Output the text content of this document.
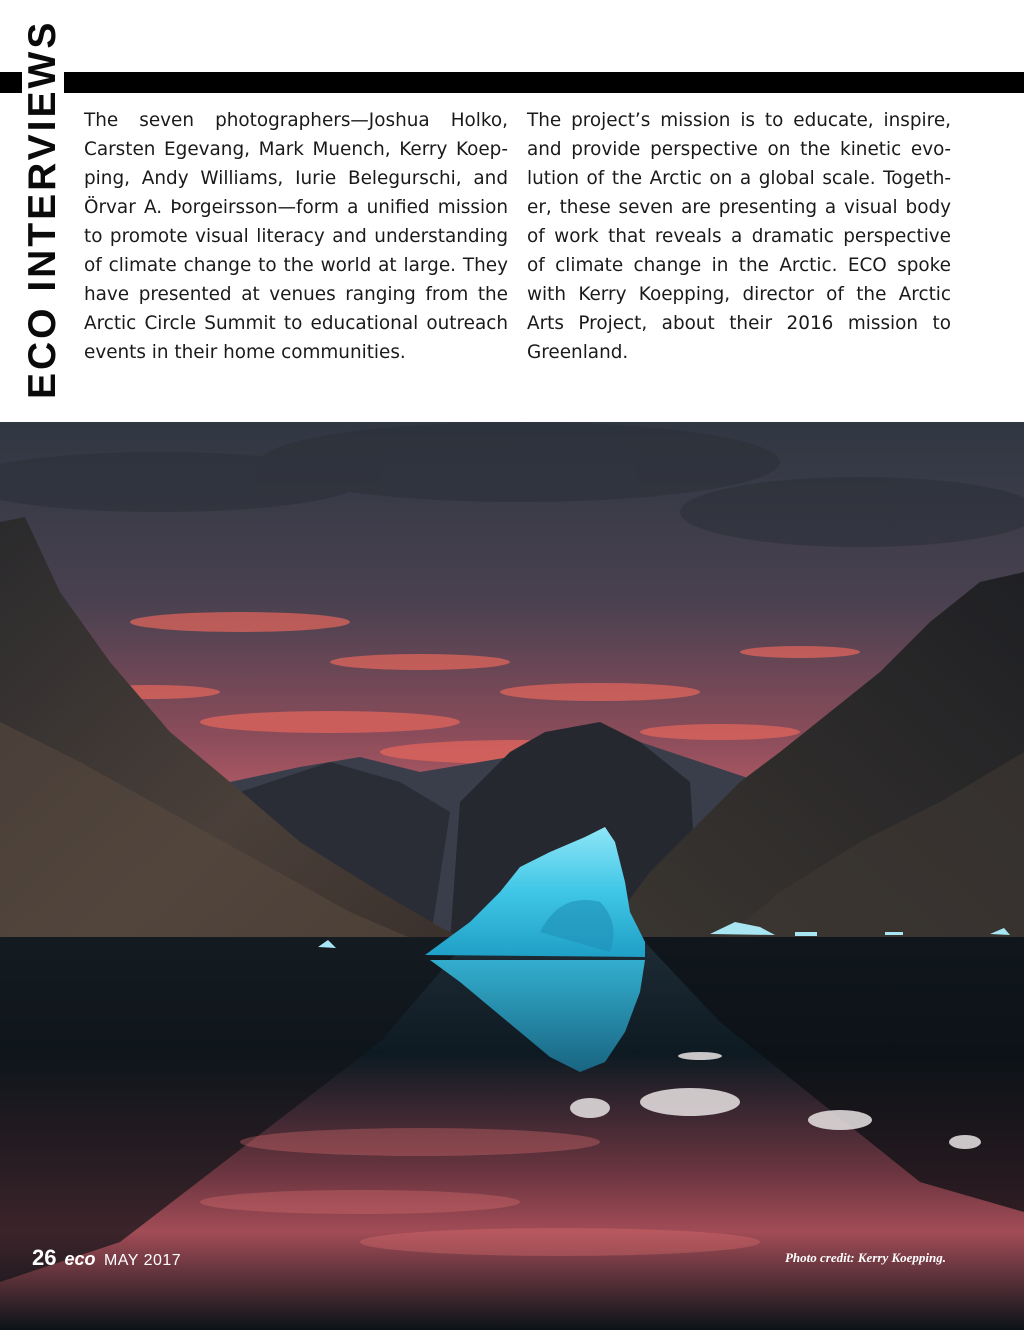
ECO INTERVIEWS The seven photographers—Joshua Holko, Carsten Egevang, Mark Muench, Kerry Koepping, Andy Williams, Iurie Belegurschi, and Örvar A. Þorgeirsson—form a unified mission to promote visual literacy and understanding of climate change to the world at large. They have presented at venues ranging from the Arctic Circle Summit to educational outreach events in their home communities.
The project’s mission is to educate, inspire, and provide perspective on the kinetic evolution of the Arctic on a global scale. Together, these seven are presenting a visual body of work that reveals a dramatic perspective of climate change in the Arctic. ECO spoke with Kerry Koepping, director of the Arctic Arts Project, about their 2016 mission to Greenland.
26 eco MAY 2017	Photo credit: Kerry Koepping.
